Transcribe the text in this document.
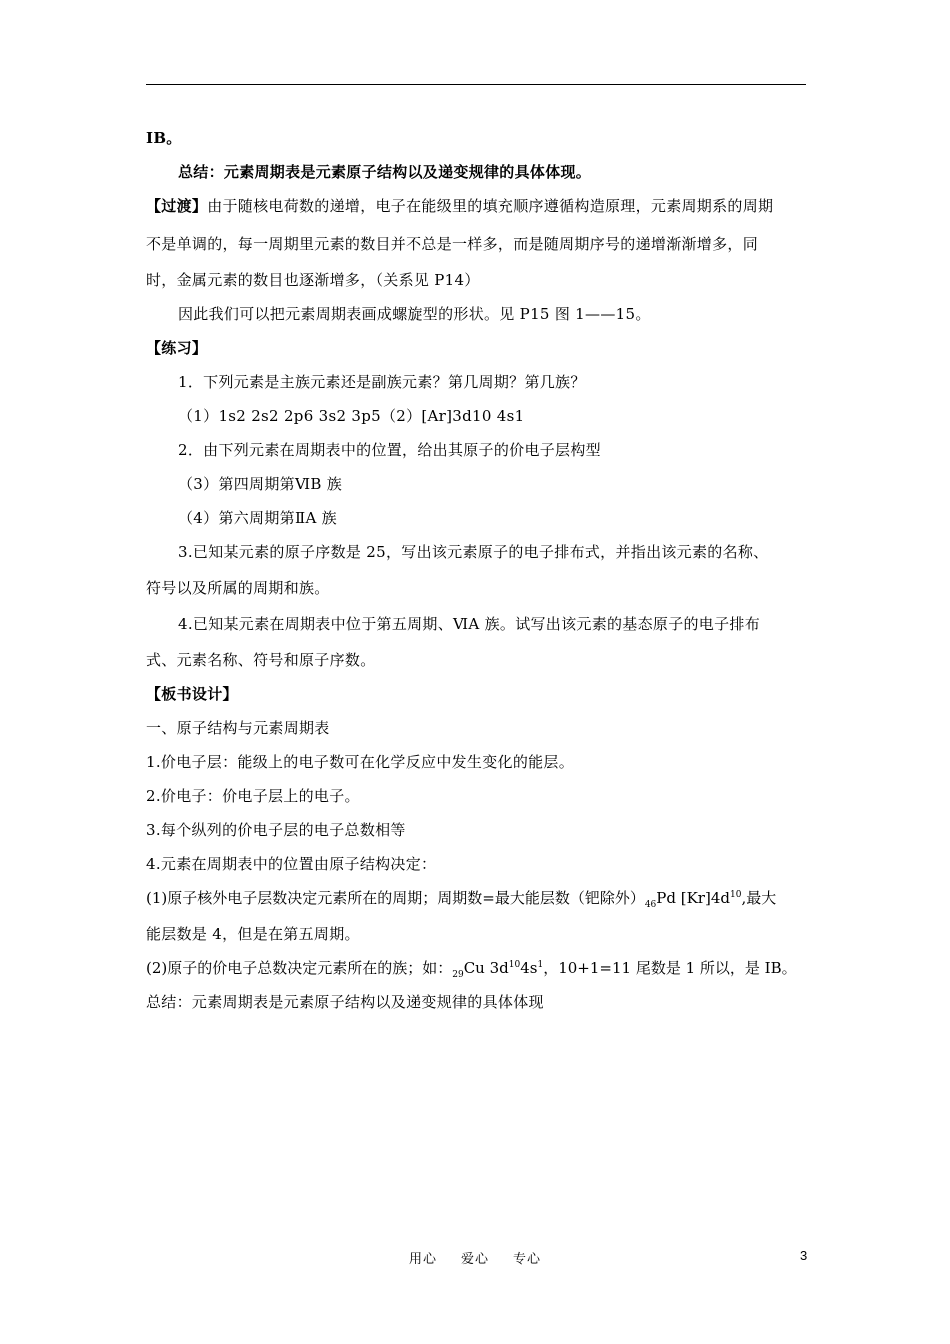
IB。
总结：元素周期表是元素原子结构以及递变规律的具体体现。
【过渡】由于随核电荷数的递增，电子在能级里的填充顺序遵循构造原理，元素周期系的周期
不是单调的，每一周期里元素的数目并不总是一样多，而是随周期序号的递增渐渐增多，同
时，金属元素的数目也逐渐增多，（关系见 P14）
因此我们可以把元素周期表画成螺旋型的形状。见 P15 图 1——15。
【练习】
1．下列元素是主族元素还是副族元素？第几周期？第几族？
（1）1s2 2s2 2p6 3s2 3p5（2）[Ar]3d10 4s1
2．由下列元素在周期表中的位置，给出其原子的价电子层构型
（3）第四周期第ⅥB 族
（4）第六周期第ⅡA 族
3.已知某元素的原子序数是 25，写出该元素原子的电子排布式，并指出该元素的名称、
符号以及所属的周期和族。
4.已知某元素在周期表中位于第五周期、ⅥA 族。试写出该元素的基态原子的电子排布
式、元素名称、符号和原子序数。
【板书设计】
一、原子结构与元素周期表
1.价电子层：能级上的电子数可在化学反应中发生变化的能层。
2.价电子：价电子层上的电子。
3.每个纵列的价电子层的电子总数相等
4.元素在周期表中的位置由原子结构决定：
(1)原子核外电子层数决定元素所在的周期；周期数=最大能层数（钯除外）$_{46}Pd$ $[Kr]4d^{10}$,最大
能层数是 4，但是在第五周期。
(2)原子的价电子总数决定元素所在的族；如：$_{29}$Cu $3d^{10}4s^1$，10+1=11 尾数是 1 所以，是 IB。
总结：元素周期表是元素原子结构以及递变规律的具体体现
用心 爱心 专心	3
